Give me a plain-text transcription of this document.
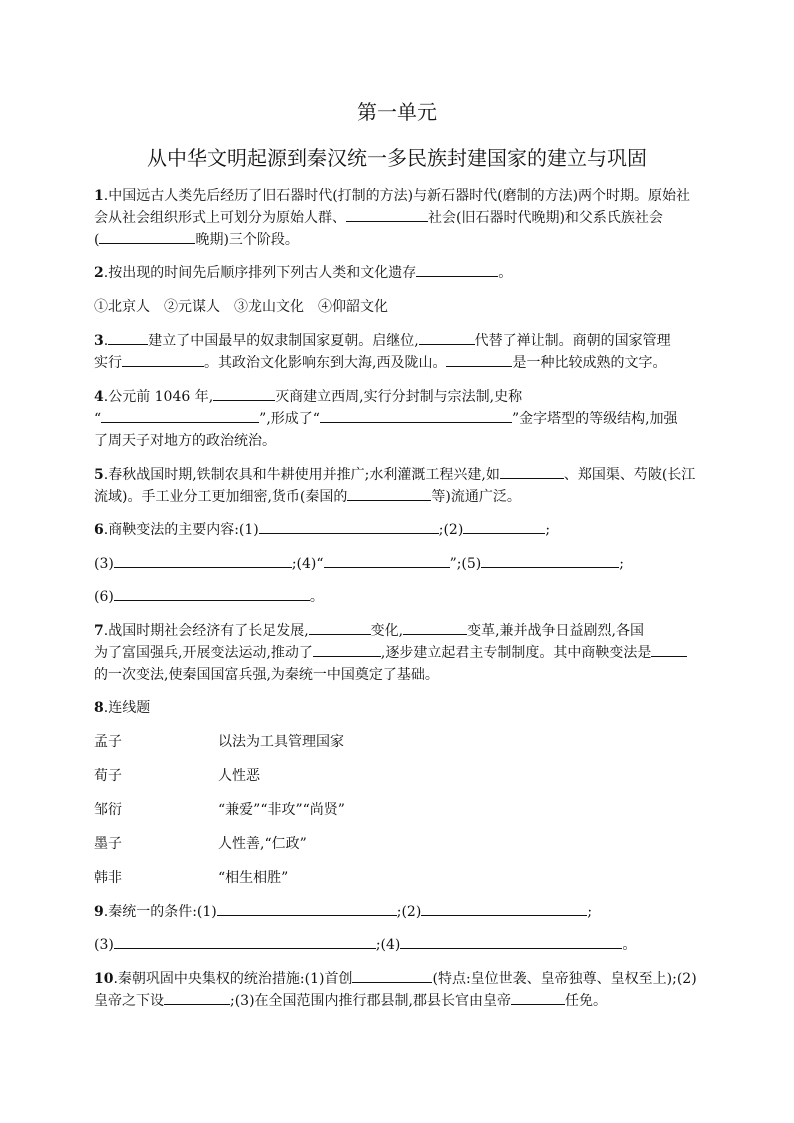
第一单元
从中华文明起源到秦汉统一多民族封建国家的建立与巩固
1.中国远古人类先后经历了旧石器时代(打制的方法)与新石器时代(磨制的方法)两个时期。原始社
会从社会组织形式上可划分为原始人群、	社会(旧石器时代晚期)和父系氏族社会
(	晚期)三个阶段。
2.按出现的时间先后顺序排列下列古人类和文化遗存	。
①北京人　②元谋人　③龙山文化　④仰韶文化
3.	建立了中国最早的奴隶制国家夏朝。启继位,	代替了禅让制。商朝的国家管理
实行	。其政治文化影响东到大海,西及陇山。	是一种比较成熟的文字。
4.公元前 1046 年,	灭商建立西周,实行分封制与宗法制,史称
“	”,形成了“	”金字塔型的等级结构,加强
了周天子对地方的政治统治。
5.春秋战国时期,铁制农具和牛耕使用并推广;水利灌溉工程兴建,如	、郑国渠、芍陂(长江
流域)。手工业分工更加细密,货币(秦国的	等)流通广泛。
6.商鞅变法的主要内容:(1)	;(2)	;
(3)	;(4)“	”;(5)	;
(6)	。
7.战国时期社会经济有了长足发展,	变化,	变革,兼并战争日益剧烈,各国
为了富国强兵,开展变法运动,推动了	,逐步建立起君主专制制度。其中商鞅变法是
的一次变法,使秦国国富兵强,为秦统一中国奠定了基础。
8.连线题
孟子	以法为工具管理国家
荀子	人性恶
邹衍	“兼爱”“非攻”“尚贤”
墨子	人性善,“仁政”
韩非	“相生相胜”
9.秦统一的条件:(1)	;(2)	;
(3)	;(4)	。
10.秦朝巩固中央集权的统治措施:(1)首创	(特点:皇位世袭、皇帝独尊、皇权至上);(2)
皇帝之下设	;(3)在全国范围内推行郡县制,郡县长官由皇帝	任免。
